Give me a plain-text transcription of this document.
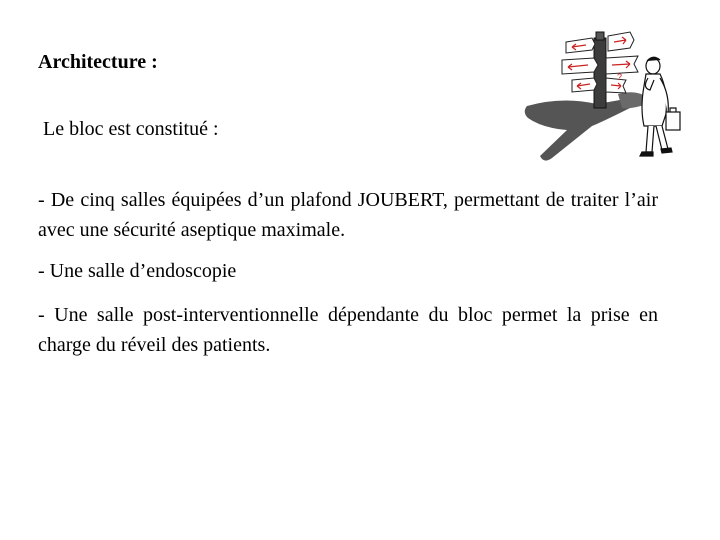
Architecture :
Le bloc est constitué :
- De cinq salles équipées d’un plafond JOUBERT, permettant de traiter l’air avec une sécurité aseptique maximale.
- Une salle d’endoscopie
- Une salle post-interventionnelle dépendante du bloc permet la prise en charge du réveil des patients.
?
